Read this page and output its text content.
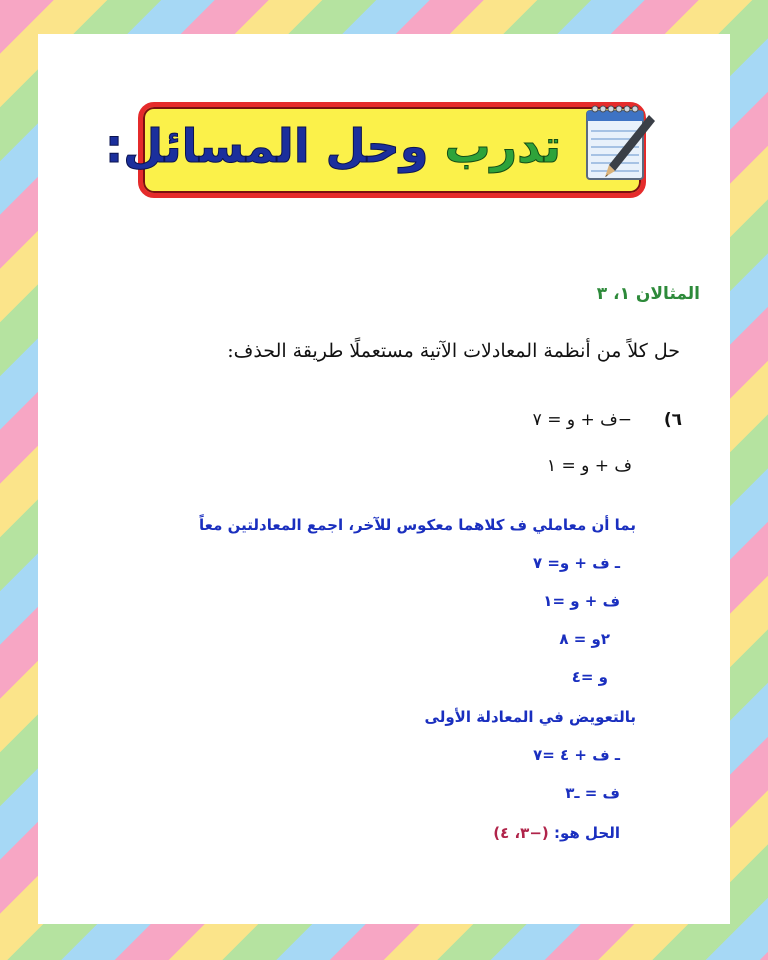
تدرب وحل المسائل:
المثالان ١، ٣
حل كلاً من أنظمة المعادلات الآتية مستعملًا طريقة الحذف:
٦)
−ف + و = ٧
ف + و = ١
بما أن معاملي ف كلاهما معكوس للآخر، اجمع المعادلتين معاً
ـ ف + و= ٧
ف + و =١
٢و = ٨
و =٤
بالتعويض في المعادلة الأولى
ـ ف + ٤ =٧
ف = ـ٣
الحل هو: (−٣، ٤)
